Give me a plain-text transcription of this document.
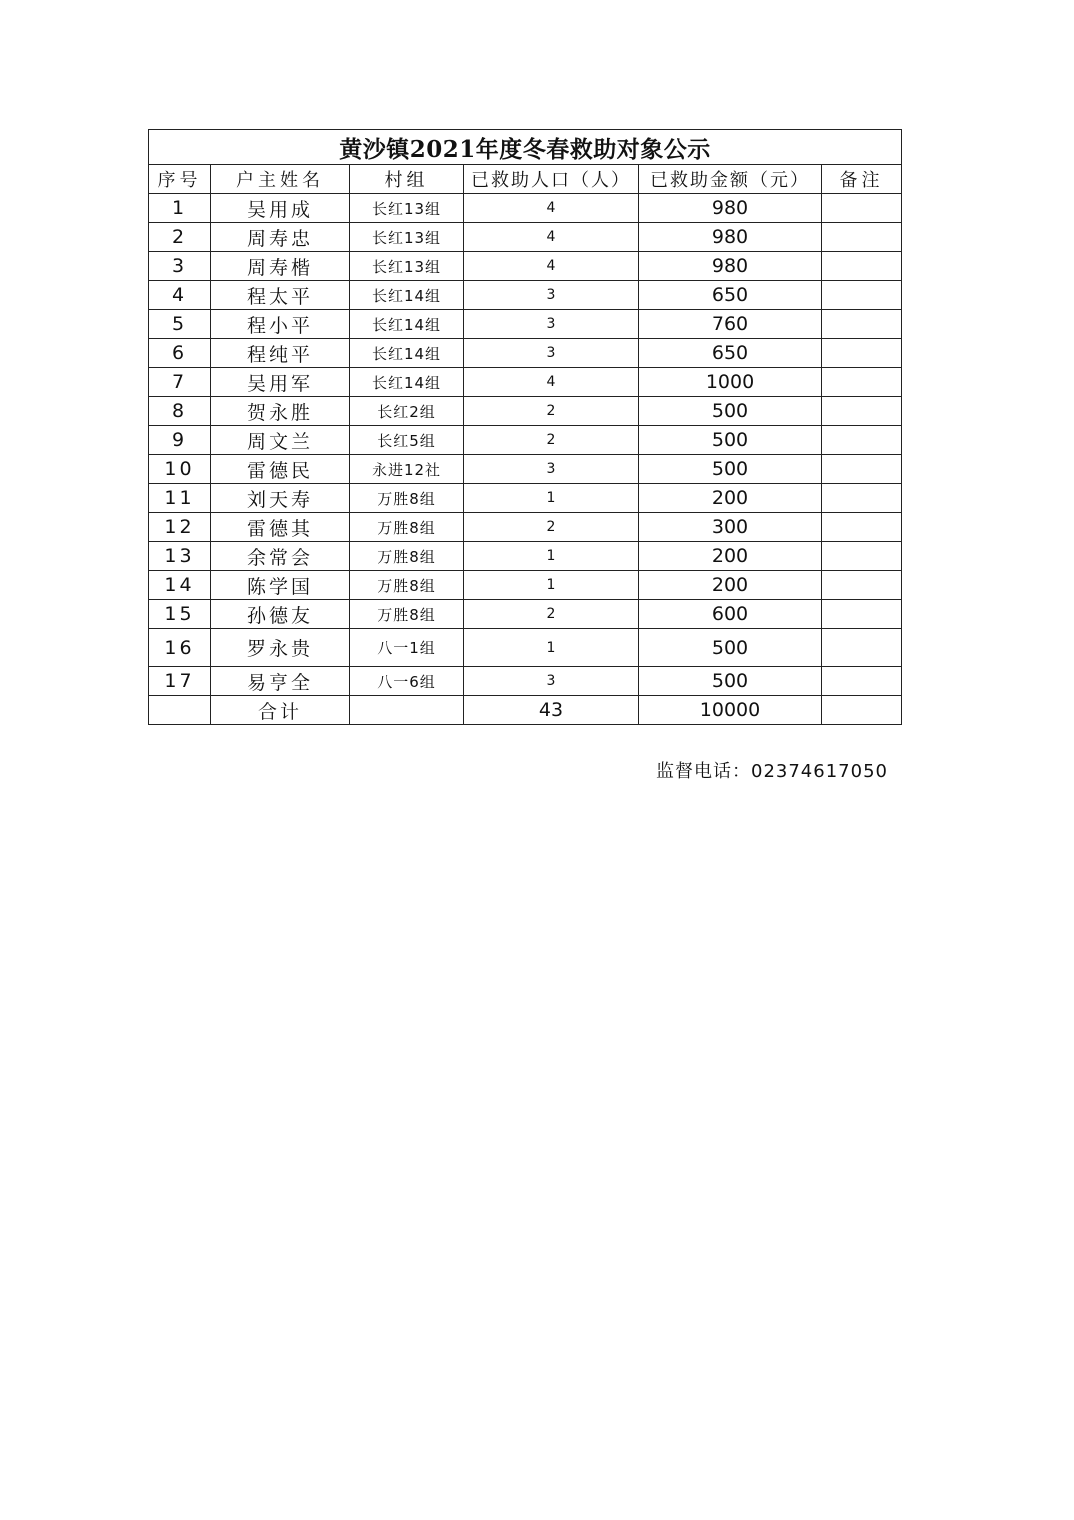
黄沙镇2021年度冬春救助对象公示					
序号	户主姓名	村组	已救助人口（人）	已救助金额（元）	备注
1	吴用成	长红13组	4	980	
2	周寿忠	长红13组	4	980	
3	周寿楷	长红13组	4	980	
4	程太平	长红14组	3	650	
5	程小平	长红14组	3	760	
6	程纯平	长红14组	3	650	
7	吴用军	长红14组	4	1000	
8	贺永胜	长红2组	2	500	
9	周文兰	长红5组	2	500	
10	雷德民	永进12社	3	500	
11	刘天寿	万胜8组	1	200	
12	雷德其	万胜8组	2	300	
13	余常会	万胜8组	1	200	
14	陈学国	万胜8组	1	200	
15	孙德友	万胜8组	2	600	
16	罗永贵	八一1组	1	500	
17	易亨全	八一6组	3	500	
	合计		43	10000	
监督电话：02374617050
